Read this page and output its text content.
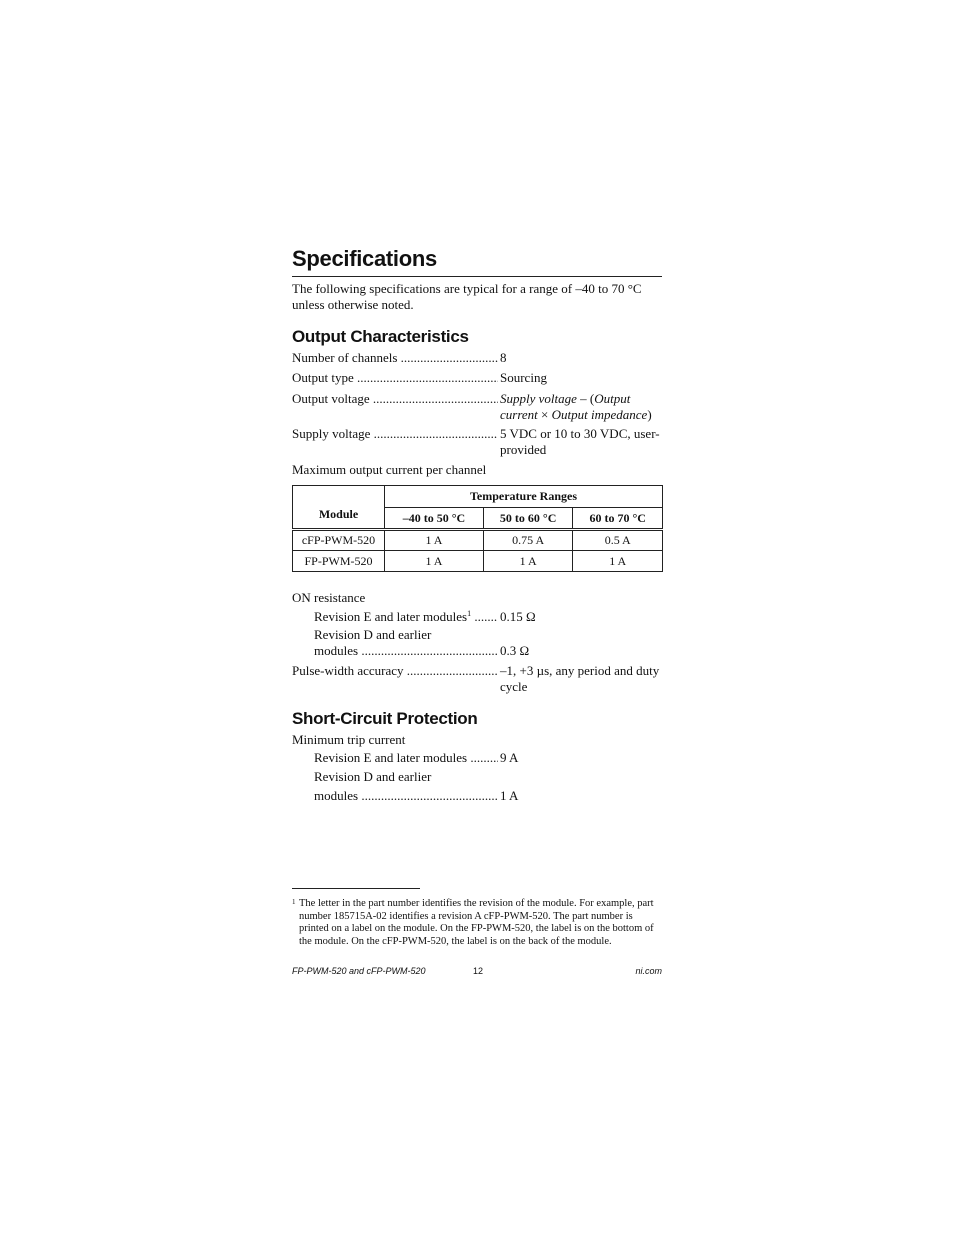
Specifications
The following specifications are typical for a range of –40 to 70 °C unless otherwise noted.
Output Characteristics
Number of channels .....	8
Output type .....	Sourcing
Output voltage .....	Supply voltage – (Output current × Output impedance)
Supply voltage .....	5 VDC or 10 to 30 VDC, user-provided
Maximum output current per channel
Module	Temperature Ranges		
	–40 to 50 °C	50 to 60 °C	60 to 70 °C
cFP-PWM-520	1 A	0.75 A	0.5 A
FP-PWM-520	1 A	1 A	1 A
ON resistance
Revision E and later modules$^1$ .....	0.15 Ω
Revision D and earlier
modules .....	0.3 Ω
Pulse-width accuracy .....	–1, +3 µs, any period and duty cycle
Short-Circuit Protection
Minimum trip current
Revision E and later modules .....	9 A
Revision D and earlier
modules .....	1 A
1 The letter in the part number identifies the revision of the module. For example, part number 185715A-02 identifies a revision A cFP-PWM-520. The part number is printed on a label on the module. On the FP-PWM-520, the label is on the bottom of the module. On the cFP-PWM-520, the label is on the back of the module.
FP-PWM-520 and cFP-PWM-520	12	ni.com
